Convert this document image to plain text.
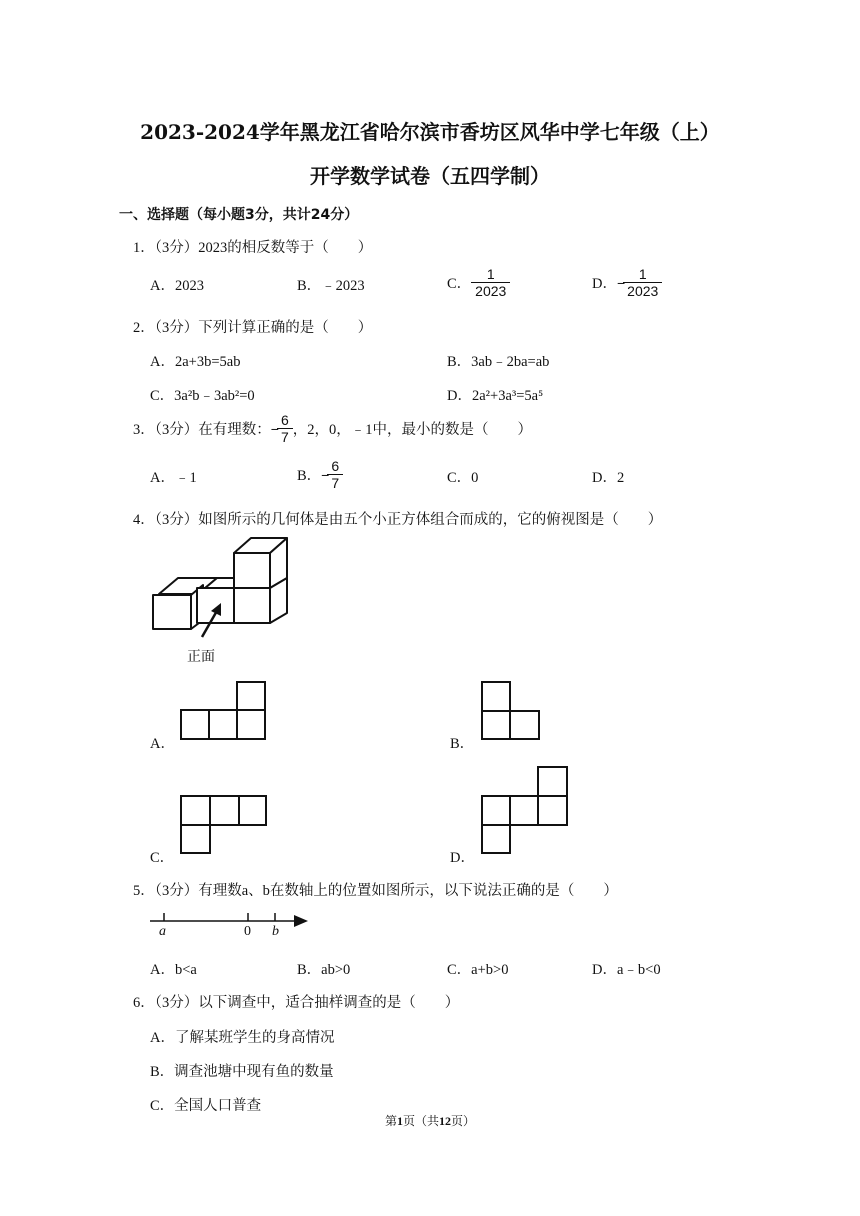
2023-2024学年黑龙江省哈尔滨市香坊区风华中学七年级（上）
开学数学试卷（五四学制）
一、选择题（每小题3分，共计24分）
1．（3分）2023的相反数等于（　　）
A．2023	B．﹣2023	C． $\frac{1}{2023}$	D．−
$\frac{1}{2023}$
2．（3分）下列计算正确的是（　　）
A．2a+3b=5ab	B．3ab﹣2ba=ab
C．3a²b﹣3ab²=0	D．2a²+3a³=5a⁵
3．（3分）在有理数：−
$\frac{6}{7}$ ，2，0，﹣1中，最小的数是（　　）
A．﹣1	B．−
$\frac{6}{7}$	C．0	D．2
4．（3分）如图所示的几何体是由五个小正方体组合而成的，它的俯视图是（　　）
正面
A．	B．
C．	D．
5．（3分）有理数a、b在数轴上的位置如图所示，以下说法正确的是（　　）
a	0 b
A．b<a	B．ab>0	C．a+b>0	D．a﹣b<0
6．（3分）以下调查中，适合抽样调查的是（　　）
A．了解某班学生的身高情况
B．调查池塘中现有鱼的数量
C．全国人口普查
第1页（共12页）
